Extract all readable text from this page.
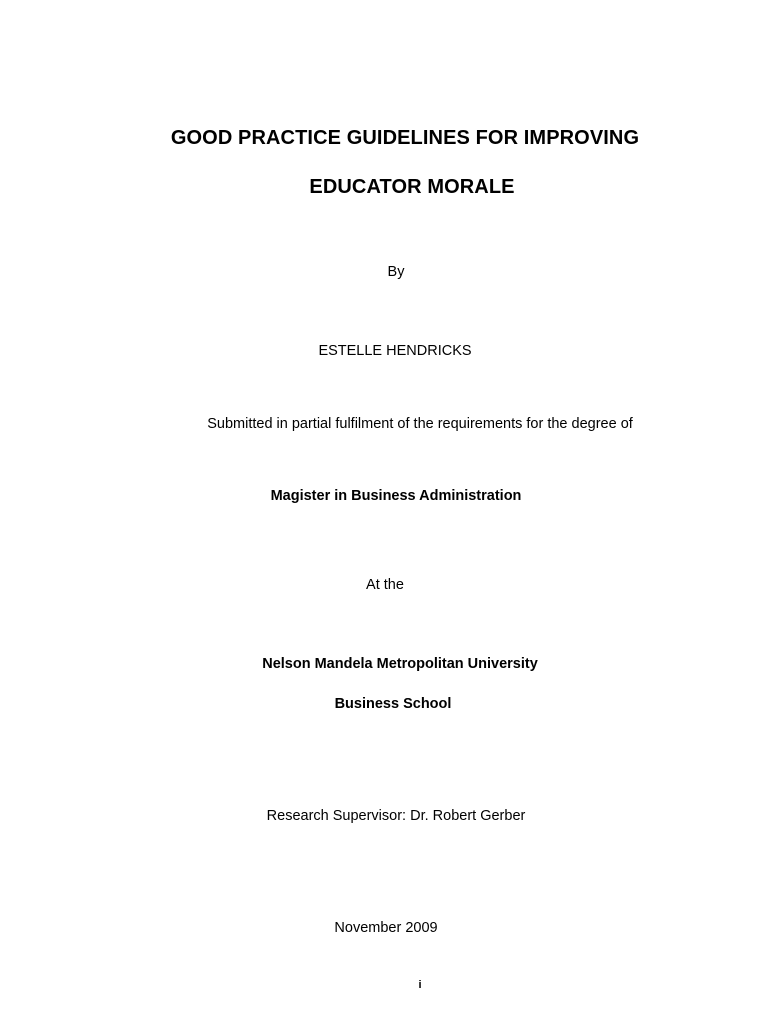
GOOD PRACTICE GUIDELINES FOR IMPROVING
EDUCATOR MORALE
By
ESTELLE HENDRICKS
Submitted in partial fulfilment of the requirements for the degree of
Magister in Business Administration
At the
Nelson Mandela Metropolitan University
Business School
Research Supervisor: Dr. Robert Gerber
November 2009
i
